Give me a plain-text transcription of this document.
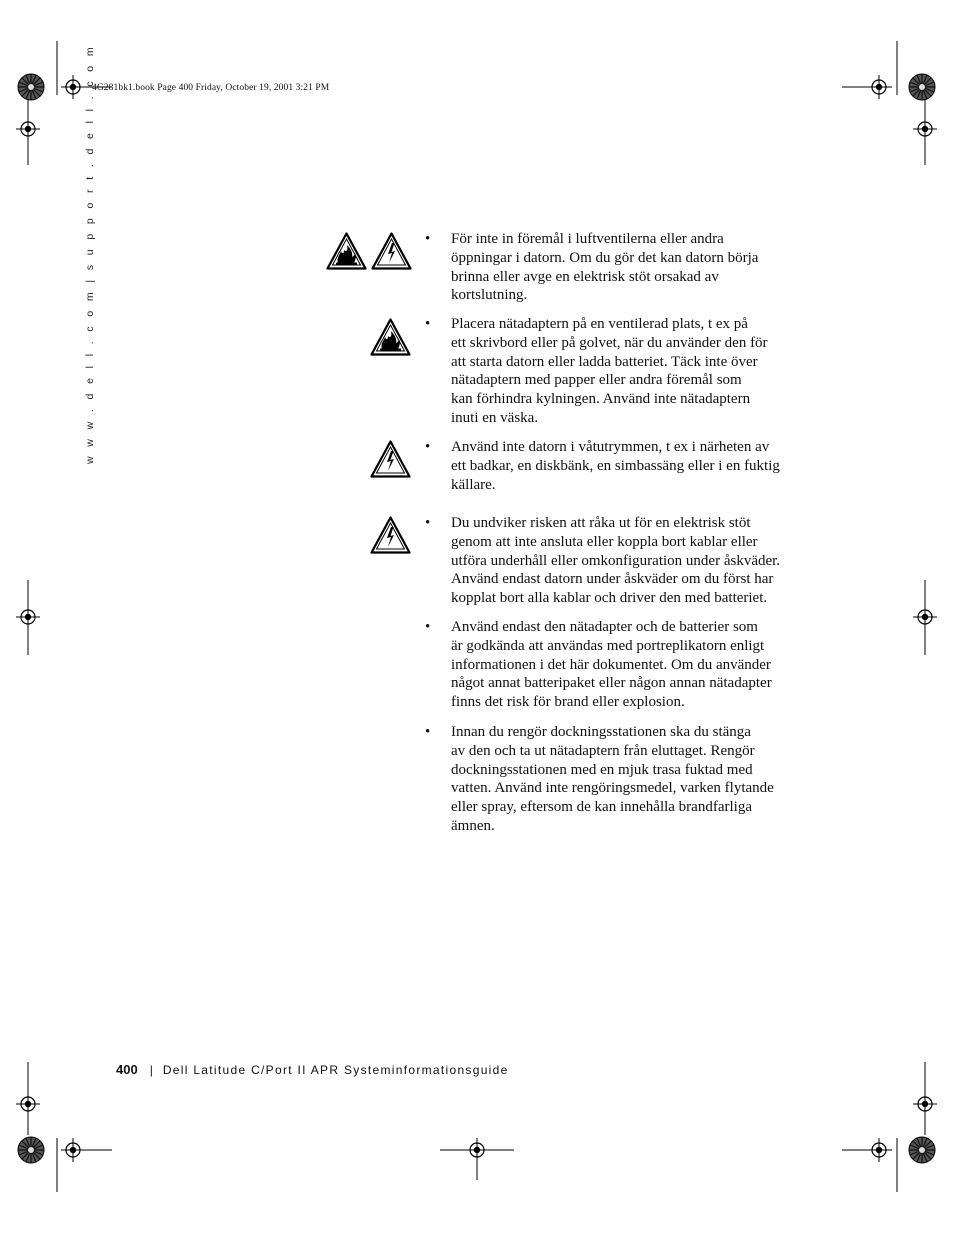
4G281bk1.book Page 400 Friday, October 19, 2001 3:21 PM
w w w . d e l l . c o m | s u p p o r t . d e l l . c o m	• För inte in föremål i luftventilerna eller andra
öppningar i datorn. Om du gör det kan datorn börja
brinna eller avge en elektrisk stöt orsakad av
kortslutning.
• Placera nätadaptern på en ventilerad plats, t ex på
ett skrivbord eller på golvet, när du använder den för
att starta datorn eller ladda batteriet. Täck inte över
nätadaptern med papper eller andra föremål som
kan förhindra kylningen. Använd inte nätadaptern
inuti en väska.
• Använd inte datorn i våtutrymmen, t ex i närheten av
ett badkar, en diskbänk, en simbassäng eller i en fuktig
källare.
• Du undviker risken att råka ut för en elektrisk stöt
genom att inte ansluta eller koppla bort kablar eller
utföra underhåll eller omkonfiguration under åskväder.
Använd endast datorn under åskväder om du först har
kopplat bort alla kablar och driver den med batteriet.
• Använd endast den nätadapter och de batterier som
är godkända att användas med portreplikatorn enligt
informationen i det här dokumentet. Om du använder
något annat batteripaket eller någon annan nätadapter
finns det risk för brand eller explosion.
• Innan du rengör dockningsstationen ska du stänga
av den och ta ut nätadaptern från eluttaget. Rengör
dockningsstationen med en mjuk trasa fuktad med
vatten. Använd inte rengöringsmedel, varken flytande
eller spray, eftersom de kan innehålla brandfarliga
ämnen.
400 | Dell Latitude C/Port II APR Systeminformationsguide
